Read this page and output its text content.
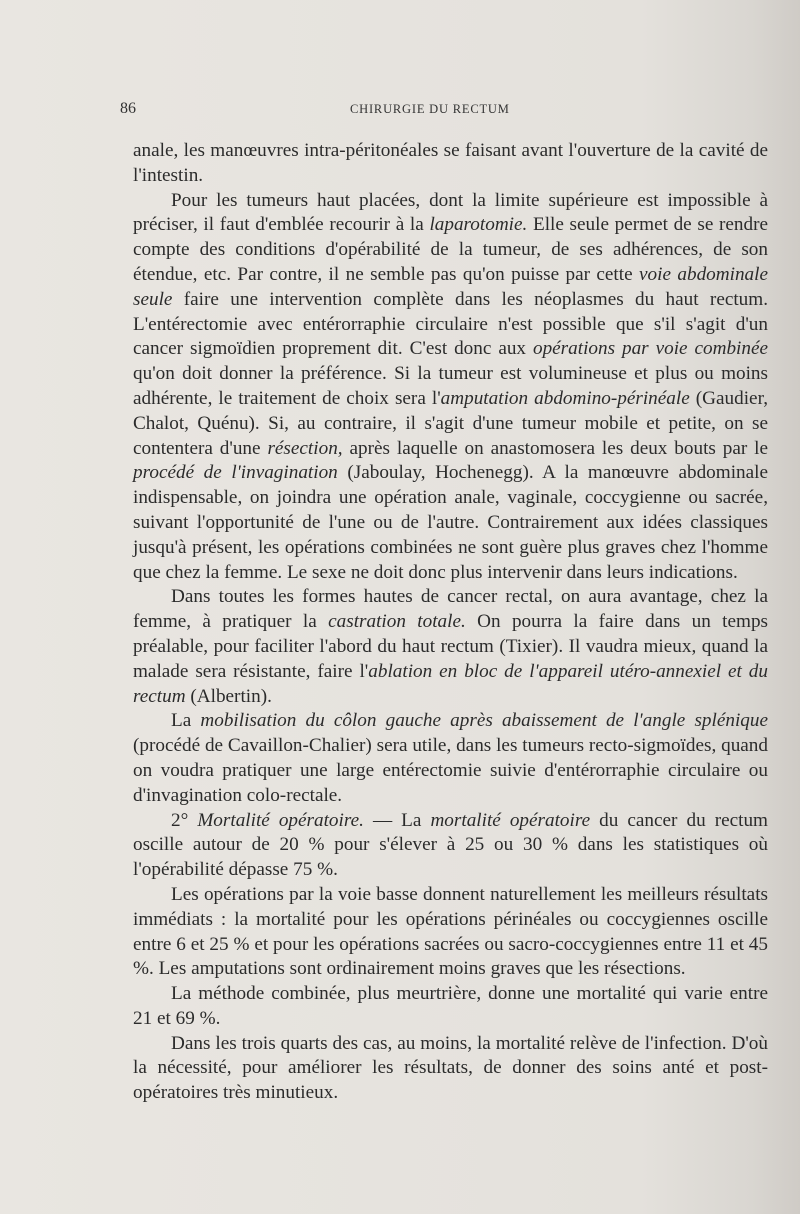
86	CHIRURGIE DU RECTUM

anale, les manœuvres intra-péritonéales se faisant avant l'ouverture de la cavité de l'intestin.

Pour les tumeurs haut placées, dont la limite supérieure est impossible à préciser, il faut d'emblée recourir à la laparotomie. Elle seule permet de se rendre compte des conditions d'opérabilité de la tumeur, de ses adhérences, de son étendue, etc. Par contre, il ne semble pas qu'on puisse par cette voie abdominale seule faire une intervention complète dans les néoplasmes du haut rectum. L'entérectomie avec entérorraphie circulaire n'est possible que s'il s'agit d'un cancer sigmoïdien proprement dit. C'est donc aux opérations par voie combinée qu'on doit donner la préférence. Si la tumeur est volumineuse et plus ou moins adhérente, le traitement de choix sera l'amputation abdomino-périnéale (Gaudier, Chalot, Quénu). Si, au contraire, il s'agit d'une tumeur mobile et petite, on se contentera d'une résection, après laquelle on anastomosera les deux bouts par le procédé de l'invagination (Jaboulay, Hochenegg). A la manœuvre abdominale indispensable, on joindra une opération anale, vaginale, coccygienne ou sacrée, suivant l'opportunité de l'une ou de l'autre. Contrairement aux idées classiques jusqu'à présent, les opérations combinées ne sont guère plus graves chez l'homme que chez la femme. Le sexe ne doit donc plus intervenir dans leurs indications.

Dans toutes les formes hautes de cancer rectal, on aura avantage, chez la femme, à pratiquer la castration totale. On pourra la faire dans un temps préalable, pour faciliter l'abord du haut rectum (Tixier). Il vaudra mieux, quand la malade sera résistante, faire l'ablation en bloc de l'appareil utéro-annexiel et du rectum (Albertin).

La mobilisation du côlon gauche après abaissement de l'angle splénique (procédé de Cavaillon-Chalier) sera utile, dans les tumeurs recto-sigmoïdes, quand on voudra pratiquer une large entérectomie suivie d'entérorraphie circulaire ou d'invagination colo-rectale.

2° Mortalité opératoire. — La mortalité opératoire du cancer du rectum oscille autour de 20 % pour s'élever à 25 ou 30 % dans les statistiques où l'opérabilité dépasse 75 %.

Les opérations par la voie basse donnent naturellement les meilleurs résultats immédiats : la mortalité pour les opérations périnéales ou coccygiennes oscille entre 6 et 25 % et pour les opérations sacrées ou sacro-coccygiennes entre 11 et 45 %. Les amputations sont ordinairement moins graves que les résections.

La méthode combinée, plus meurtrière, donne une mortalité qui varie entre 21 et 69 %.

Dans les trois quarts des cas, au moins, la mortalité relève de l'infection. D'où la nécessité, pour améliorer les résultats, de donner des soins anté et post-opératoires très minutieux.
